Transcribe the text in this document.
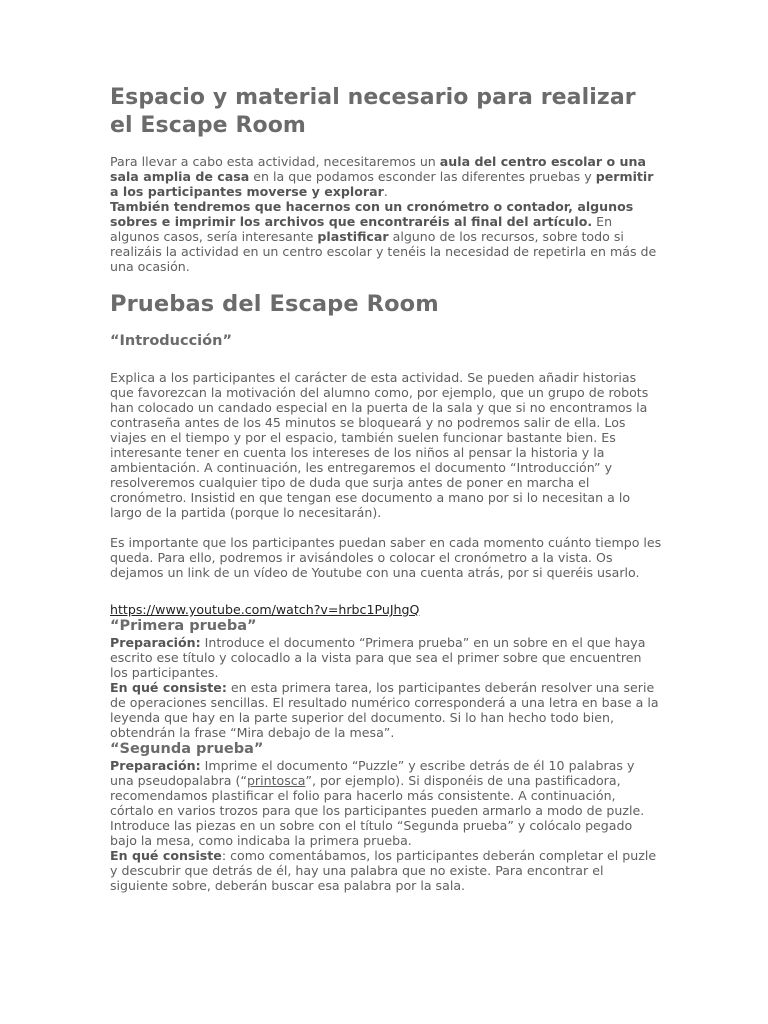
Espacio y material necesario para realizar el Escape Room

Para llevar a cabo esta actividad, necesitaremos un aula del centro escolar o una sala amplia de casa en la que podamos esconder las diferentes pruebas y permitir a los participantes moverse y explorar.

También tendremos que hacernos con un cronómetro o contador, algunos sobres e imprimir los archivos que encontraréis al final del artículo. En algunos casos, sería interesante plastificar alguno de los recursos, sobre todo si realizáis la actividad en un centro escolar y tenéis la necesidad de repetirla en más de una ocasión.

Pruebas del Escape Room
“Introducción”

Explica a los participantes el carácter de esta actividad. Se pueden añadir historias que favorezcan la motivación del alumno como, por ejemplo, que un grupo de robots han colocado un candado especial en la puerta de la sala y que si no encontramos la contraseña antes de los 45 minutos se bloqueará y no podremos salir de ella. Los viajes en el tiempo y por el espacio, también suelen funcionar bastante bien. Es interesante tener en cuenta los intereses de los niños al pensar la historia y la ambientación. A continuación, les entregaremos el documento “Introducción” y resolveremos cualquier tipo de duda que surja antes de poner en marcha el cronómetro. Insistid en que tengan ese documento a mano por si lo necesitan a lo largo de la partida (porque lo necesitarán).

Es importante que los participantes puedan saber en cada momento cuánto tiempo les queda. Para ello, podremos ir avisándoles o colocar el cronómetro a la vista. Os dejamos un link de un vídeo de Youtube con una cuenta atrás, por si queréis usarlo.

https://www.youtube.com/watch?v=hrbc1PuJhgQ

“Primera prueba”

Preparación: Introduce el documento “Primera prueba” en un sobre en el que haya escrito ese título y colocadlo a la vista para que sea el primer sobre que encuentren los participantes.

En qué consiste: en esta primera tarea, los participantes deberán resolver una serie de operaciones sencillas. El resultado numérico corresponderá a una letra en base a la leyenda que hay en la parte superior del documento. Si lo han hecho todo bien, obtendrán la frase “Mira debajo de la mesa”.

“Segunda prueba”

Preparación: Imprime el documento “Puzzle” y escribe detrás de él 10 palabras y una pseudopalabra (“printosca”, por ejemplo). Si disponéis de una pastificadora, recomendamos plastificar el folio para hacerlo más consistente. A continuación, córtalo en varios trozos para que los participantes pueden armarlo a modo de puzle. Introduce las piezas en un sobre con el título “Segunda prueba” y colócalo pegado bajo la mesa, como indicaba la primera prueba.

En qué consiste: como comentábamos, los participantes deberán completar el puzle y descubrir que detrás de él, hay una palabra que no existe. Para encontrar el siguiente sobre, deberán buscar esa palabra por la sala.
